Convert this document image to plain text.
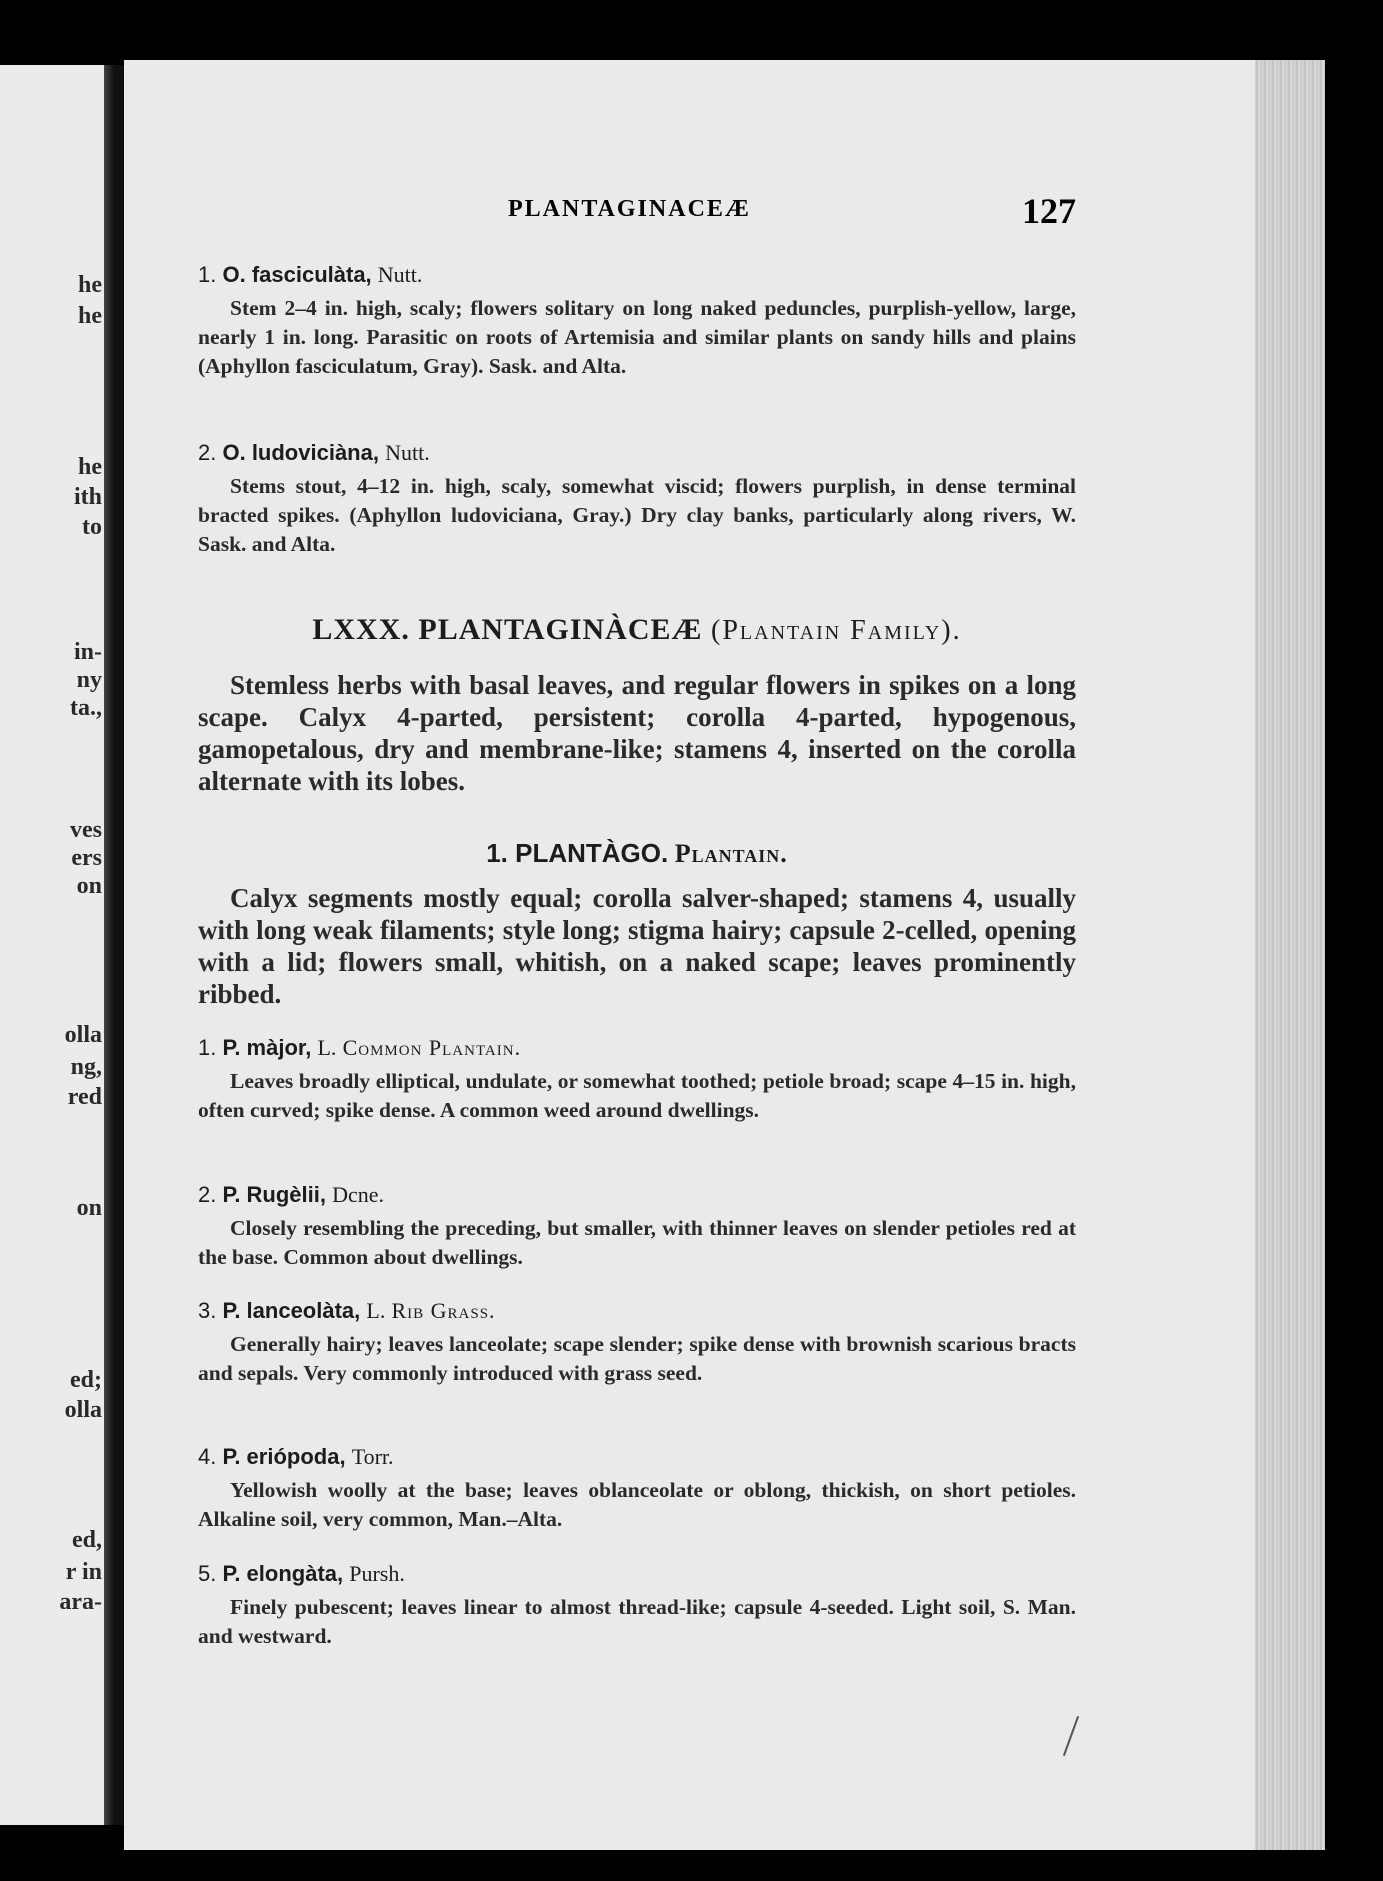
he
he
he
ith
to
in-
ny
ta.,
ves
ers
on
olla
ng,
red
on
ed;
olla
ed,
r in
ara-
PLANTAGINACEÆ	127
1. O. fasciculàta, Nutt.
Stem 2–4 in. high, scaly; flowers solitary on long naked peduncles, purplish-yellow, large, nearly 1 in. long. Parasitic on roots of Artemisia and similar plants on sandy hills and plains (Aphyllon fasciculatum, Gray). Sask. and Alta.
2. O. ludoviciàna, Nutt.
Stems stout, 4–12 in. high, scaly, somewhat viscid; flowers purplish, in dense terminal bracted spikes. (Aphyllon ludoviciana, Gray.) Dry clay banks, particularly along rivers, W. Sask. and Alta.
LXXX. PLANTAGINÀCEÆ (Plantain Family).
Stemless herbs with basal leaves, and regular flowers in spikes on a long scape. Calyx 4-parted, persistent; corolla 4-parted, hypogenous, gamopetalous, dry and membrane-like; stamens 4, inserted on the corolla alternate with its lobes.
1. PLANTÀGO. Plantain.
Calyx segments mostly equal; corolla salver-shaped; stamens 4, usually with long weak filaments; style long; stigma hairy; capsule 2-celled, opening with a lid; flowers small, whitish, on a naked scape; leaves prominently ribbed.
1. P. màjor, L. Common Plantain.
Leaves broadly elliptical, undulate, or somewhat toothed; petiole broad; scape 4–15 in. high, often curved; spike dense. A common weed around dwellings.
2. P. Rugèlii, Dcne.
Closely resembling the preceding, but smaller, with thinner leaves on slender petioles red at the base. Common about dwellings.
3. P. lanceolàta, L. Rib Grass.
Generally hairy; leaves lanceolate; scape slender; spike dense with brownish scarious bracts and sepals. Very commonly introduced with grass seed.
4. P. eriópoda, Torr.
Yellowish woolly at the base; leaves oblanceolate or oblong, thickish, on short petioles. Alkaline soil, very common, Man.–Alta.
5. P. elongàta, Pursh.
Finely pubescent; leaves linear to almost thread-like; capsule 4-seeded. Light soil, S. Man. and westward.
